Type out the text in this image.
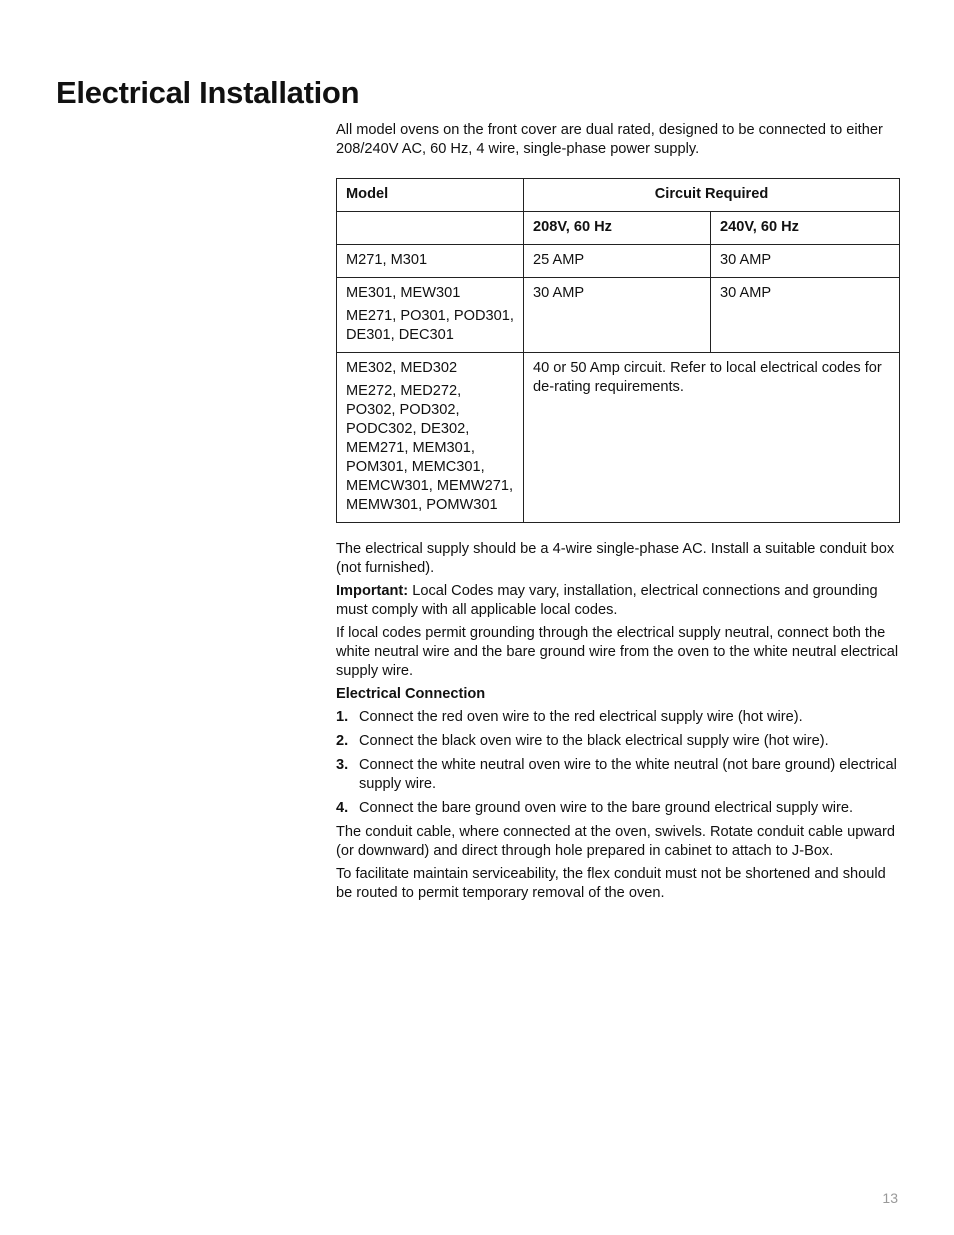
Electrical Installation

All model ovens on the front cover are dual rated, designed to be connected to either 208/240V AC, 60 Hz, 4 wire, single-phase power supply.

Model	Circuit Required	
	208V, 60 Hz	240V, 60 Hz

M271, M301	25 AMP	30 AMP

ME301, MEW301
ME271, PO301, POD301, DE301, DEC301	30 AMP	30 AMP

ME302, MED302
ME272, MED272, PO302, POD302, PODC302, DE302, MEM271, MEM301, POM301, MEMC301, MEMCW301, MEMW271, MEMW301, POMW301	40 or 50 Amp circuit. Refer to local electrical codes for de-rating requirements.	

The electrical supply should be a 4-wire single-phase AC. Install a suitable conduit box (not furnished).

Important: Local Codes may vary, installation, electrical connections and grounding must comply with all applicable local codes.

If local codes permit grounding through the electrical supply neutral, connect both the white neutral wire and the bare ground wire from the oven to the white neutral electrical supply wire.

Electrical Connection

1. Connect the red oven wire to the red electrical supply wire (hot wire).
2. Connect the black oven wire to the black electrical supply wire (hot wire).
3. Connect the white neutral oven wire to the white neutral (not bare ground) electrical supply wire.
4. Connect the bare ground oven wire to the bare ground electrical supply wire.

The conduit cable, where connected at the oven, swivels. Rotate conduit cable upward (or downward) and direct through hole prepared in cabinet to attach to J-Box.

To facilitate maintain serviceability, the flex conduit must not be shortened and should be routed to permit temporary removal of the oven.

13
